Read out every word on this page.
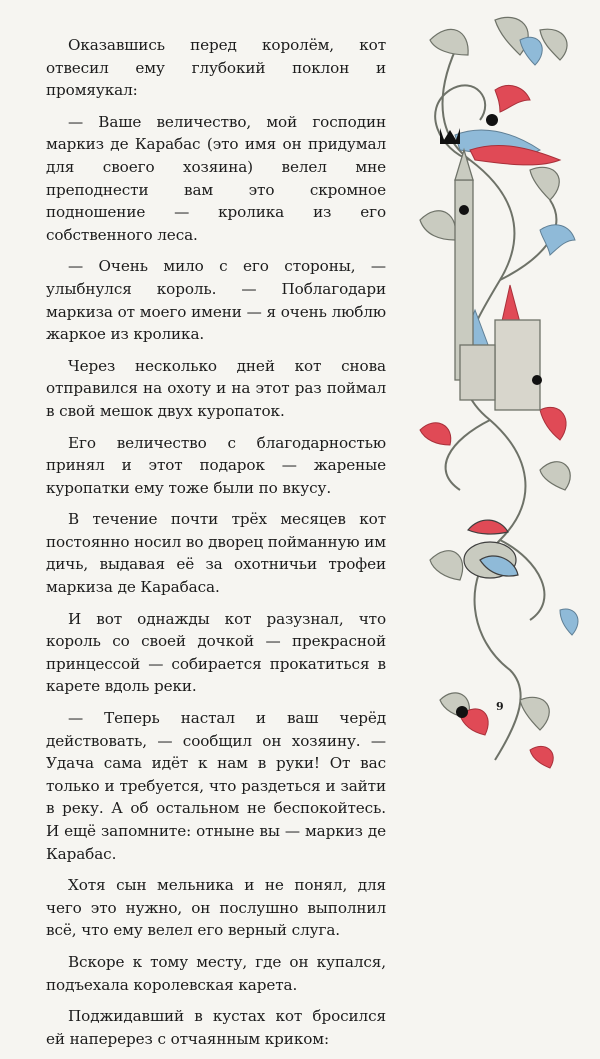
Оказавшись перед королём, кот отвесил ему глубокий поклон и промяукал:

— Ваше величество, мой господин маркиз де Карабас (это имя он придумал для своего хозяина) велел мне преподнести вам это скромное подношение — кролика из его собственного леса.

— Очень мило с его стороны, — улыбнулся король. — Поблагодари маркиза от моего имени — я очень люблю жаркое из кролика.

Через несколько дней кот снова отправился на охоту и на этот раз поймал в свой мешок двух куропаток.

Его величество с благодарностью принял и этот подарок — жареные куропатки ему тоже были по вкусу.

В течение почти трёх месяцев кот постоянно носил во дворец пойманную им дичь, выдавая её за охотничьи трофеи маркиза де Карабаса.

И вот однажды кот разузнал, что король со своей дочкой — прекрасной принцессой — собирается прокатиться в карете вдоль реки.

— Теперь настал и ваш черёд действовать, — сообщил он хозяину. — Удача сама идёт к нам в руки! От вас только и требуется, что раздеться и зайти в реку. А об остальном не беспокойтесь. И ещё запомните: отныне вы — маркиз де Карабас.

Хотя сын мельника и не понял, для чего это нужно, он послушно выполнил всё, что ему велел его верный слуга.

Вскоре к тому месту, где он купался, подъехала королевская карета.

Поджидавший в кустах кот бросился ей наперерез с отчаянным криком:

9
